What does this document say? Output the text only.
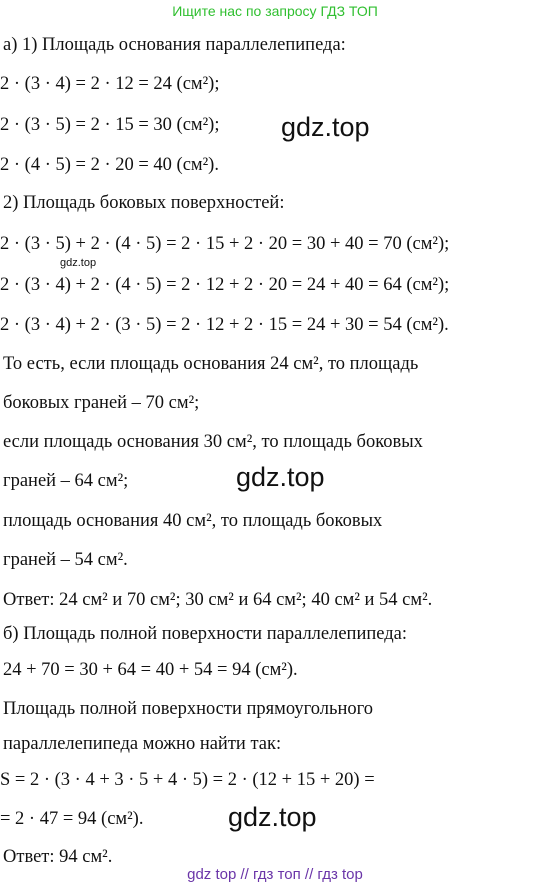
Ищите нас по запросу ГДЗ ТОП
а) 1) Площадь основания параллелепипеда:
2 · (3 · 4) = 2 · 12 = 24 (см²);
2 · (3 · 5) = 2 · 15 = 30 (см²);
2 · (4 · 5) = 2 · 20 = 40 (см²).
2) Площадь боковых поверхностей:
2 · (3 · 5) + 2 · (4 · 5) = 2 · 15 + 2 · 20 = 30 + 40 = 70 (см²);
2 · (3 · 4) + 2 · (4 · 5) = 2 · 12 + 2 · 20 = 24 + 40 = 64 (см²);
2 · (3 · 4) + 2 · (3 · 5) = 2 · 12 + 2 · 15 = 24 + 30 = 54 (см²).
То есть, если площадь основания 24 см², то площадь
боковых граней – 70 см²;
если площадь основания 30 см², то площадь боковых
граней – 64 см²;
площадь основания 40 см², то площадь боковых
граней – 54 см².
Ответ: 24 см² и 70 см²; 30 см² и 64 см²; 40 см² и 54 см².
б) Площадь полной поверхности параллелепипеда:
24 + 70 = 30 + 64 = 40 + 54 = 94 (см²).
Площадь полной поверхности прямоугольного
параллелепипеда можно найти так:
S = 2 · (3 · 4 + 3 · 5 + 4 · 5) = 2 · (12 + 15 + 20) =
= 2 · 47 = 94 (см²).
Ответ: 94 см².
gdz.top
gdz.top
gdz.top
gdz.top
gdz top // гдз топ // гдз top
